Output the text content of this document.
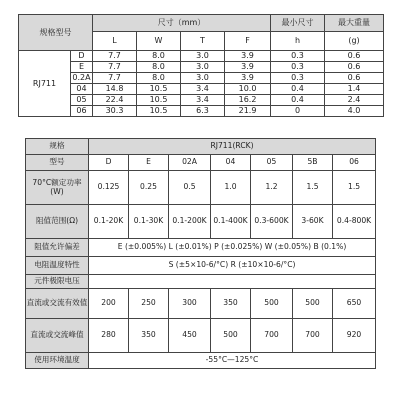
规格型号		尺寸（mm）				最小尺寸	最大重量
		L	W	T	F	h	(g)
RJ711	D	7.7	8.0	3.0	3.9	0.3	0.6
	E	7.7	8.0	3.0	3.9	0.3	0.6
	0.2A	7.7	8.0	3.0	3.9	0.3	0.6
	04	14.8	10.5	3.4	10.0	0.4	1.4
	05	22.4	10.5	3.4	16.2	0.4	2.4
	06	30.3	10.5	6.3	21.9	0	4.0
规格	RJ711(RCK)						
型号	D	E	02A	04	05	5B	06
70°C额定功率(W)	0.125	0.25	0.5	1.0	1.2	1.5	1.5
阻值范围(Ω)	0.1-20K	0.1-30K	0.1-200K	0.1-400K	0.3-600K	3-60K	0.4-800K
阻值允许偏差	E (±0.005%) L (±0.01%) P (±0.025%) W (±0.05%) B (0.1%)						
电阻温度特性	S (±5×10-6/°C) R (±10×10-6/°C)						
元件极限电压							
直流或交流有效值	200	250	300	350	500	500	650
直流或交流峰值	280	350	450	500	700	700	920
使用环境温度	-55°C—125°C						
